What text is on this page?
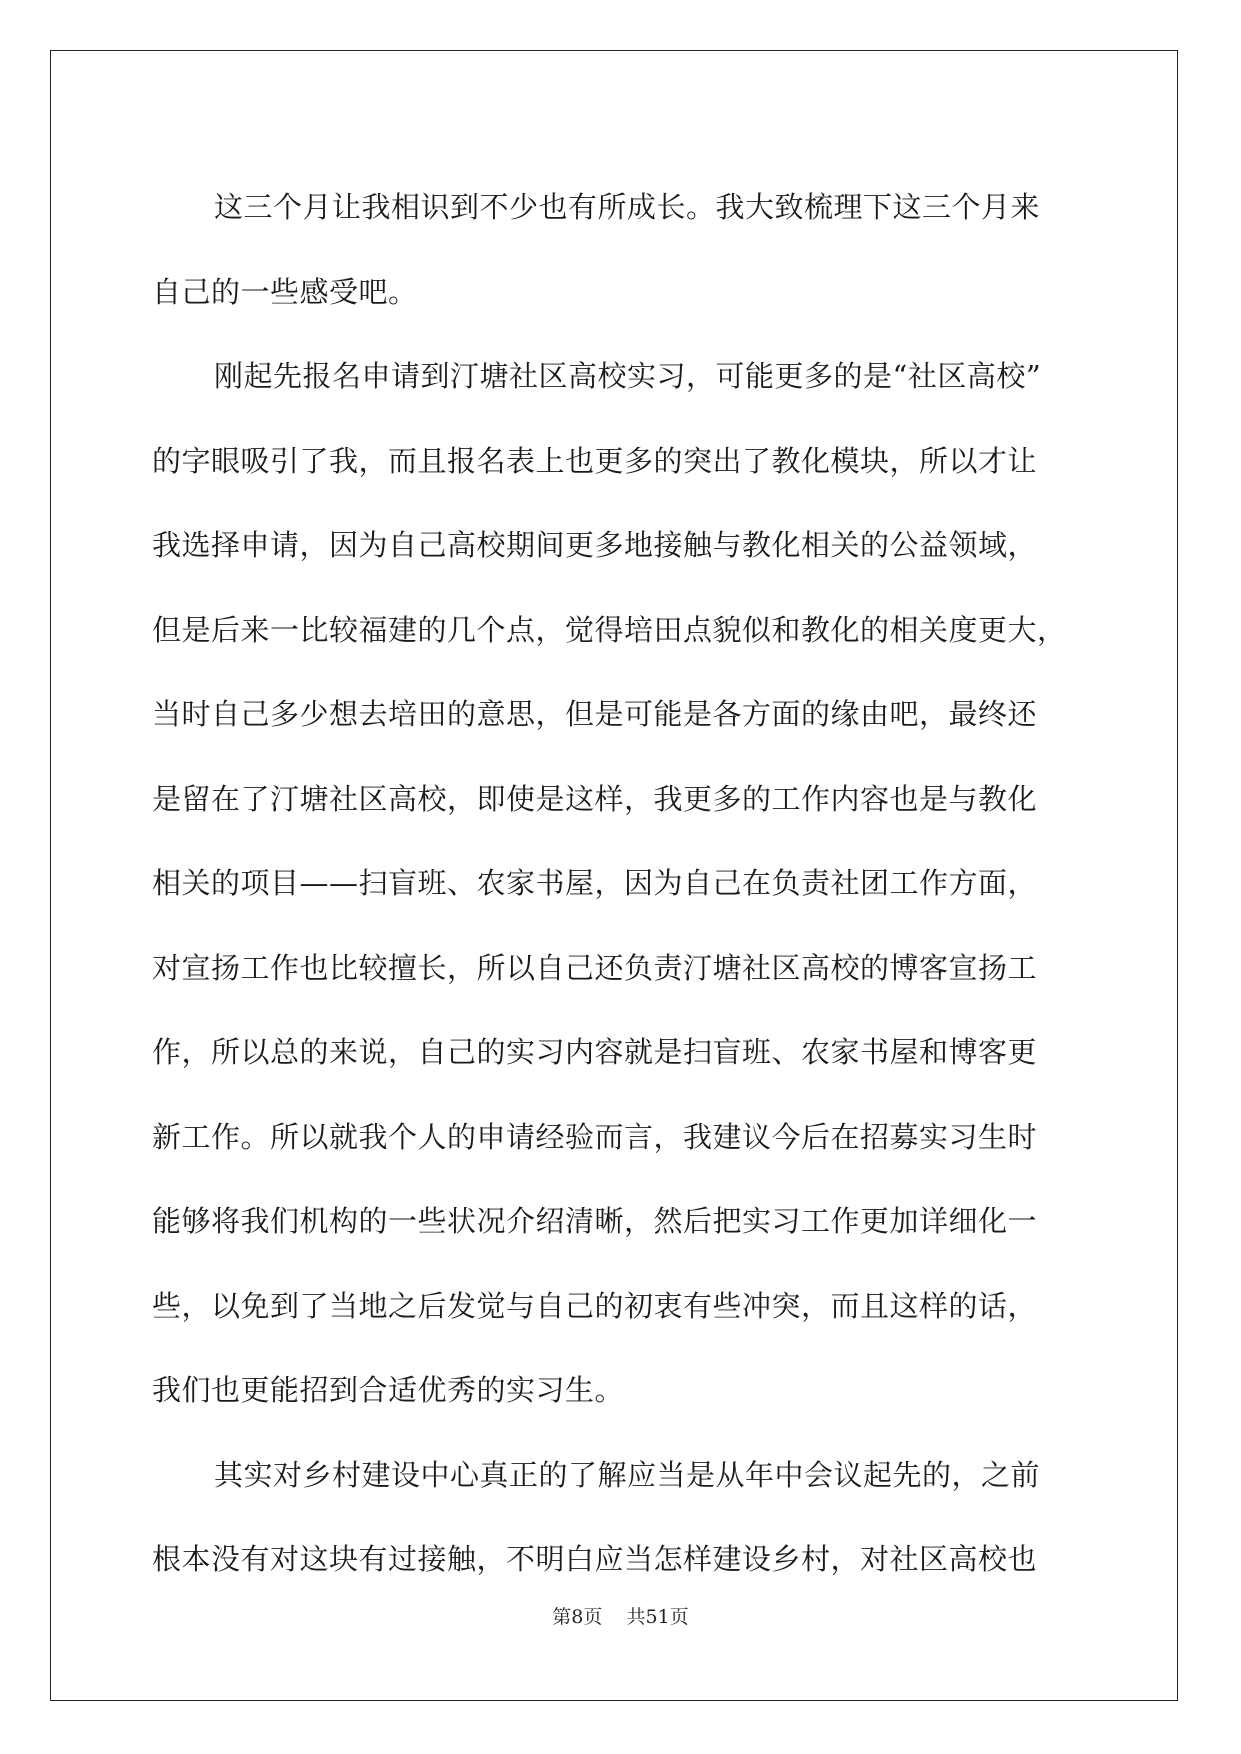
这三个月让我相识到不少也有所成长。我大致梳理下这三个月来
自己的一些感受吧。
刚起先报名申请到汀塘社区高校实习，可能更多的是“社区高校”
的字眼吸引了我，而且报名表上也更多的突出了教化模块，所以才让
我选择申请，因为自己高校期间更多地接触与教化相关的公益领域，
但是后来一比较福建的几个点，觉得培田点貌似和教化的相关度更大，
当时自己多少想去培田的意思，但是可能是各方面的缘由吧，最终还
是留在了汀塘社区高校，即使是这样，我更多的工作内容也是与教化
相关的项目——扫盲班、农家书屋，因为自己在负责社团工作方面，
对宣扬工作也比较擅长，所以自己还负责汀塘社区高校的博客宣扬工
作，所以总的来说，自己的实习内容就是扫盲班、农家书屋和博客更
新工作。所以就我个人的申请经验而言，我建议今后在招募实习生时
能够将我们机构的一些状况介绍清晰，然后把实习工作更加详细化一
些，以免到了当地之后发觉与自己的初衷有些冲突，而且这样的话，
我们也更能招到合适优秀的实习生。
其实对乡村建设中心真正的了解应当是从年中会议起先的，之前
根本没有对这块有过接触，不明白应当怎样建设乡村，对社区高校也
第8页 共51页
